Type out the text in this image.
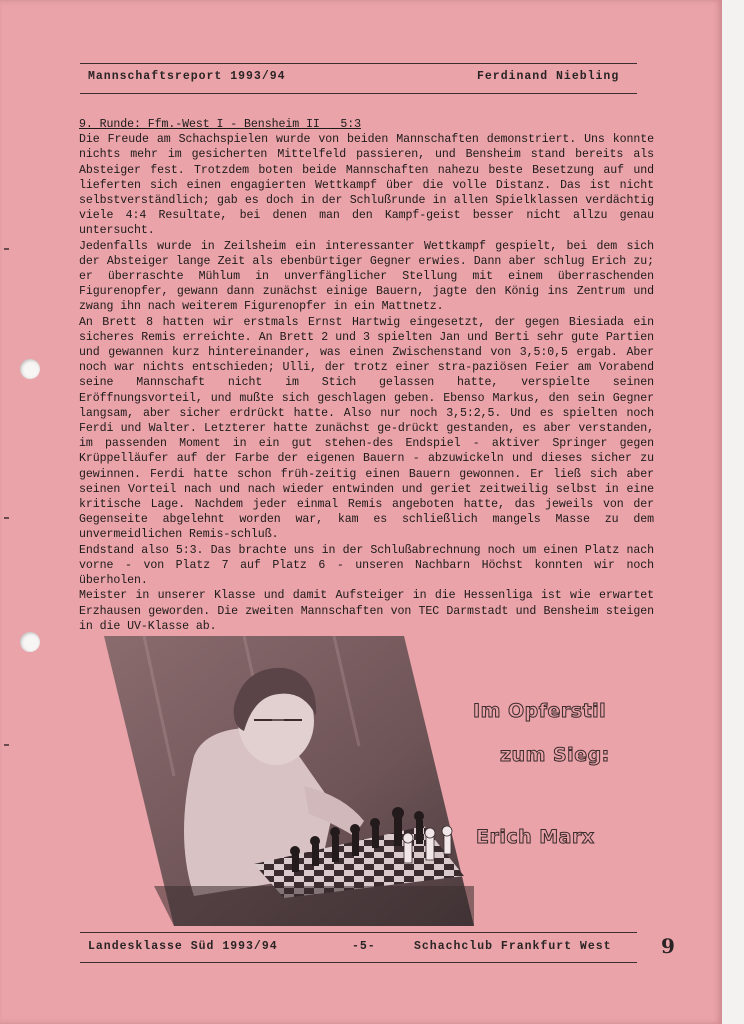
Mannschaftsreport 1993/94	Ferdinand Niebling
9. Runde: Ffm.-West I - Bensheim II   5:3

Die Freude am Schachspielen wurde von beiden Mannschaften demonstriert. Uns konnte nichts mehr im gesicherten Mittelfeld passieren, und Bensheim stand bereits als Absteiger fest. Trotzdem boten beide Mannschaften nahezu beste Besetzung auf und lieferten sich einen engagierten Wettkampf über die volle Distanz. Das ist nicht selbstverständlich; gab es doch in der Schlußrunde in allen Spielklassen verdächtig viele 4:4 Resultate, bei denen man den Kampf-geist besser nicht allzu genau untersucht.

Jedenfalls wurde in Zeilsheim ein interessanter Wettkampf gespielt, bei dem sich der Absteiger lange Zeit als ebenbürtiger Gegner erwies. Dann aber schlug Erich zu; er überraschte Mühlum in unverfänglicher Stellung mit einem überraschenden Figurenopfer, gewann dann zunächst einige Bauern, jagte den König ins Zentrum und zwang ihn nach weiterem Figurenopfer in ein Mattnetz.

An Brett 8 hatten wir erstmals Ernst Hartwig eingesetzt, der gegen Biesiada ein sicheres Remis erreichte. An Brett 2 und 3 spielten Jan und Berti sehr gute Partien und gewannen kurz hintereinander, was einen Zwischenstand von 3,5:0,5 ergab. Aber noch war nichts entschieden; Ulli, der trotz einer stra-paziösen Feier am Vorabend seine Mannschaft nicht im Stich gelassen hatte, verspielte seinen Eröffnungsvorteil, und mußte sich geschlagen geben. Ebenso Markus, den sein Gegner langsam, aber sicher erdrückt hatte. Also nur noch 3,5:2,5. Und es spielten noch Ferdi und Walter. Letzterer hatte zunächst ge-drückt gestanden, es aber verstanden, im passenden Moment in ein gut stehen-des Endspiel - aktiver Springer gegen Krüppelläufer auf der Farbe der eigenen Bauern - abzuwickeln und dieses sicher zu gewinnen. Ferdi hatte schon früh-zeitig einen Bauern gewonnen. Er ließ sich aber seinen Vorteil nach und nach wieder entwinden und geriet zeitweilig selbst in eine kritische Lage. Nachdem jeder einmal Remis angeboten hatte, das jeweils von der Gegenseite abgelehnt worden war, kam es schließlich mangels Masse zu dem unvermeidlichen Remis-schluß.

Endstand also 5:3. Das brachte uns in der Schlußabrechnung noch um einen Platz nach vorne - von Platz 7 auf Platz 6 - unseren Nachbarn Höchst konnten wir noch überholen.

Meister in unserer Klasse und damit Aufsteiger in die Hessenliga ist wie erwartet Erzhausen geworden. Die zweiten Mannschaften von TEC Darmstadt und Bensheim steigen in die UV-Klasse ab.

Im Opferstil
zum Sieg:
Erich Marx
Landesklasse Süd 1993/94	-5-	Schachclub Frankfurt West 9
